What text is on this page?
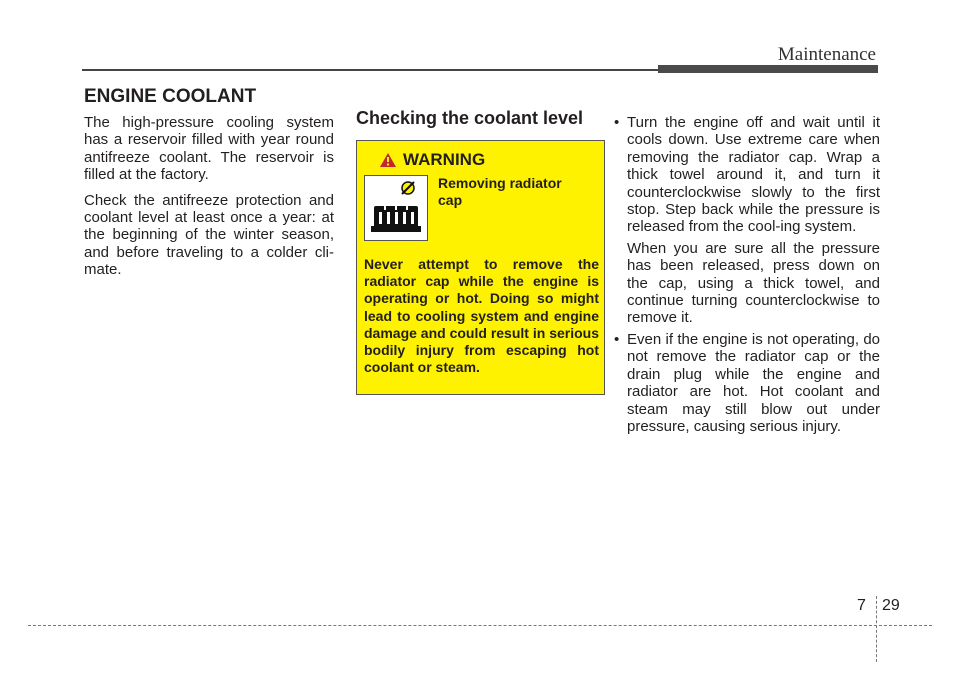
Maintenance
ENGINE COOLANT

The high-pressure cooling system has a reservoir filled with year round antifreeze coolant. The reservoir is filled at the factory.

Check the antifreeze protection and coolant level at least once a year: at the beginning of the winter season, and before traveling to a colder cli-mate.

Checking the coolant level
WARNING

Removing radiator cap

Never attempt to remove the radiator cap while the engine is operating or hot. Doing so might lead to cooling system and engine damage and could result in serious bodily injury from escaping hot coolant or steam.

• Turn the engine off and wait until it cools down. Use extreme care when removing the radiator cap. Wrap a thick towel around it, and turn it counterclockwise slowly to the first stop. Step back while the pressure is released from the cool-ing system.

When you are sure all the pressure has been released, press down on the cap, using a thick towel, and continue turning counterclockwise to remove it.

• Even if the engine is not operating, do not remove the radiator cap or the drain plug while the engine and radiator are hot. Hot coolant and steam may still blow out under pressure, causing serious injury.

7 29
